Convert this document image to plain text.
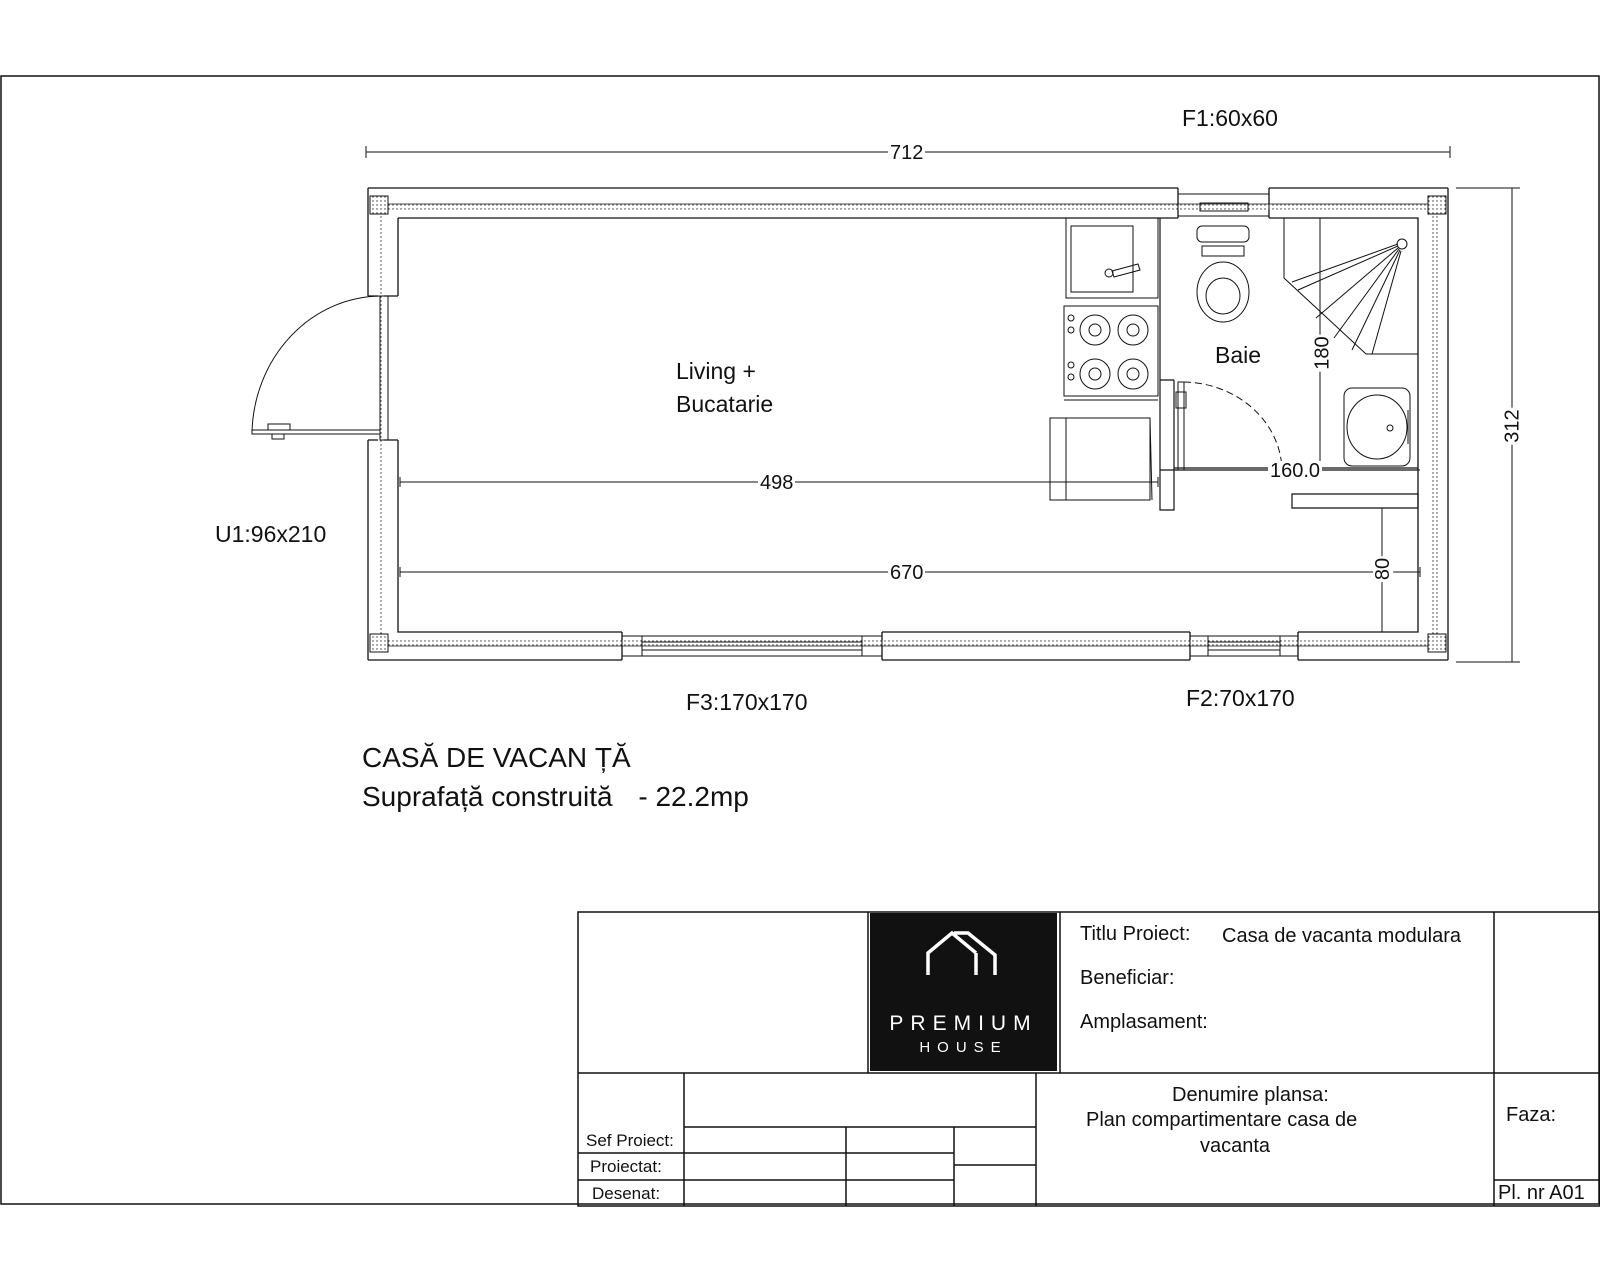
F1:60x60
U1:96x210
F3:170x170	F2:70x170
Living +
Bucatarie
Baie
712
312
498
670
160.0
180
80
CASĂ DE VACAN ȚĂ
Suprafață construită - 22.2mp
PREMIUM
HOUSE
Titlu Proiect: Casa de vacanta modulara
Beneficiar:
Amplasament:
Denumire plansa:
Plan compartimentare casa de
vacanta
Faza:
Pl. nr A01
Sef Proiect:
Proiectat:
Desenat:
